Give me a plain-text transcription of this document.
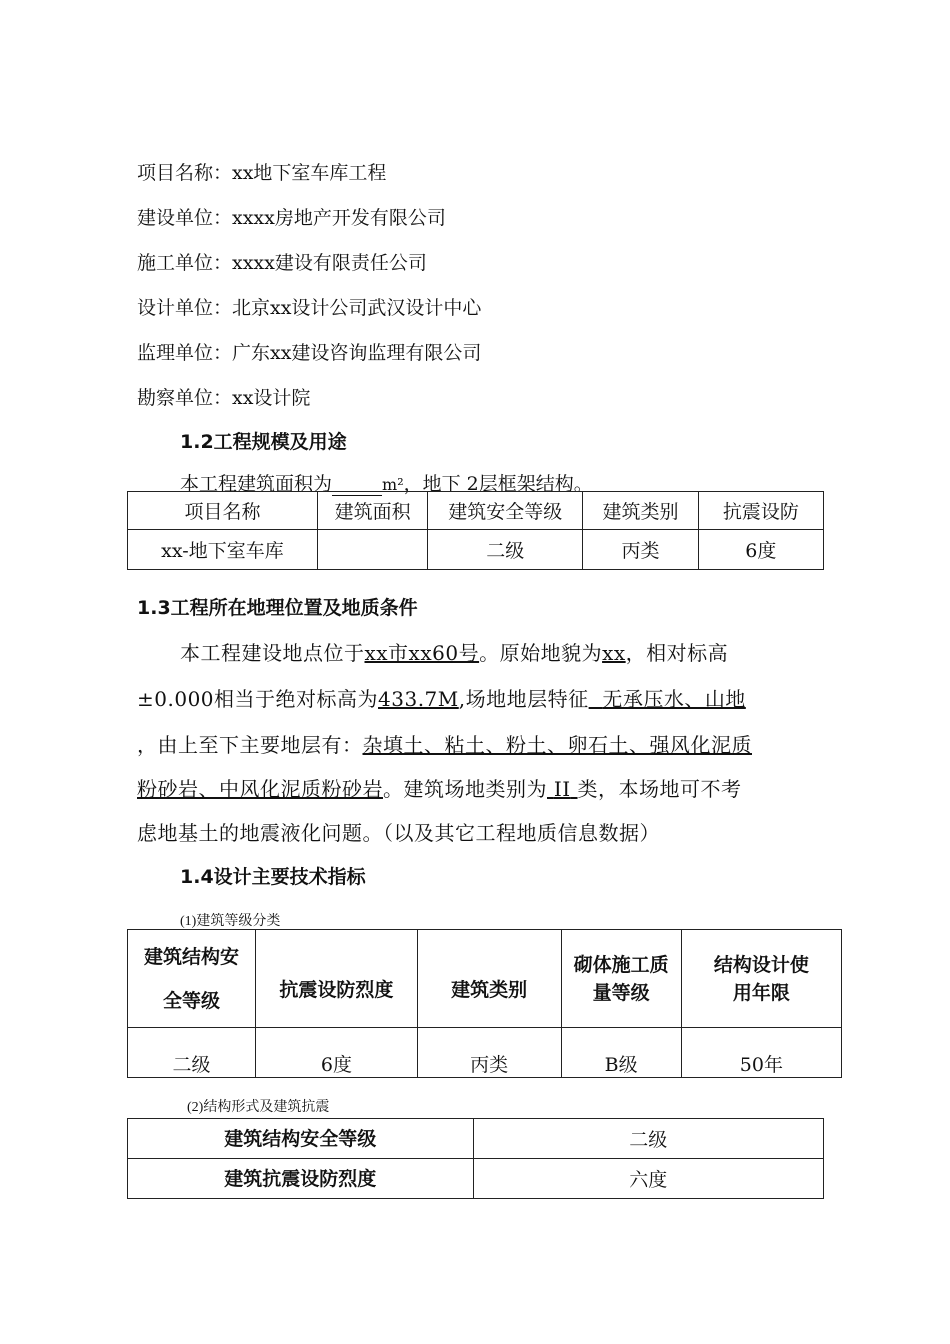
项目名称：xx地下室车库工程
建设单位：xxxx房地产开发有限公司
施工单位：xxxx建设有限责任公司
设计单位：北京xx设计公司武汉设计中心
监理单位：广东xx建设咨询监理有限公司
勘察单位：xx设计院
1.2工程规模及用途
本工程建筑面积为	m²，地下 2层框架结构。
项目名称	建筑面积	建筑安全等级	建筑类别	抗震设防
xx-地下室车库		二级	丙类	6度
1.3工程所在地理位置及地质条件
本工程建设地点位于xx市xx60号。原始地貌为xx，相对标高
±0.000相当于绝对标高为433.7M,场地地层特征 无承压水、山地
，由上至下主要地层有：杂填土、粘土、粉土、卵石土、强风化泥质
粉砂岩、中风化泥质粉砂岩。建筑场地类别为 II 类，本场地可不考
虑地基土的地震液化问题。（以及其它工程地质信息数据）
1.4设计主要技术指标
(1)建筑等级分类
建筑结构安全等级	抗震设防烈度	建筑类别	砌体施工质量等级	结构设计使用年限

二级	6度	丙类	B级	50年
(2)结构形式及建筑抗震
建筑结构安全等级	二级
建筑抗震设防烈度	六度
